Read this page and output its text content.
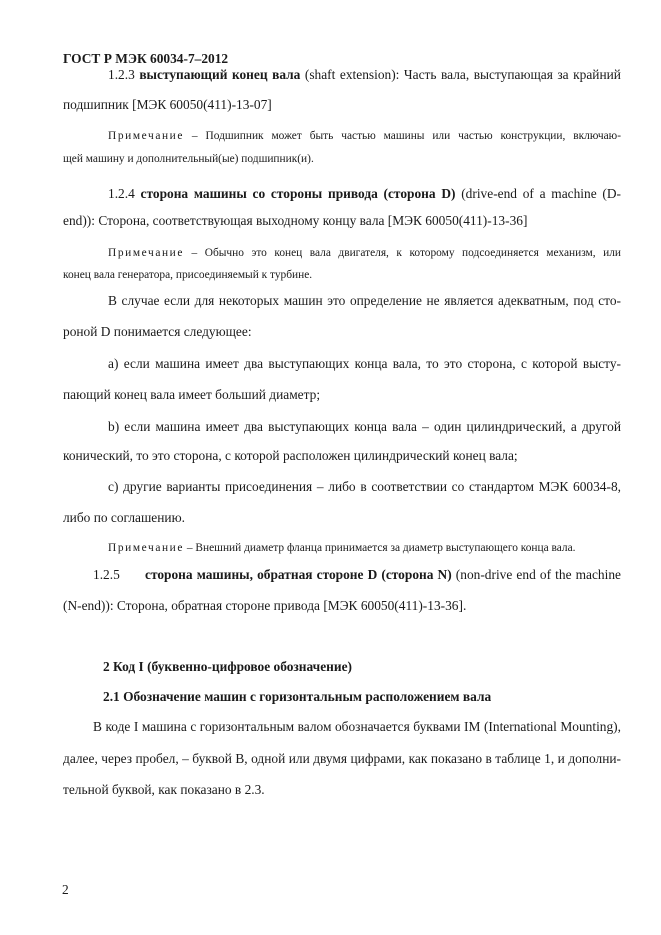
ГОСТ Р МЭК 60034-7–2012
1.2.3 выступающий конец вала (shaft extension): Часть вала, выступающая за крайний
подшипник [МЭК 60050(411)-13-07]
Примечание – Подшипник может быть частью машины или частью конструкции, включаю-
щей машину и дополнительный(ые) подшипник(и).
1.2.4 сторона машины со стороны привода (сторона D) (drive-end of a machine (D-
end)): Сторона, соответствующая выходному концу вала [МЭК 60050(411)-13-36]
Примечание – Обычно это конец вала двигателя, к которому подсоединяется механизм, или
конец вала генератора, присоединяемый к турбине.
В случае если для некоторых машин это определение не является адекватным, под сто-
роной D понимается следующее:
а) если машина имеет два выступающих конца вала, то это сторона, с которой высту-
пающий конец вала имеет больший диаметр;
b) если машина имеет два выступающих конца вала – один цилиндрический, а другой
конический, то это сторона, с которой расположен цилиндрический конец вала;
c) другие варианты присоединения – либо в соответствии со стандартом МЭК 60034-8,
либо по соглашению.
Примечание – Внешний диаметр фланца принимается за диаметр выступающего конца вала.
1.2.5 сторона машины, обратная стороне D (сторона N) (non-drive end of the machine
(N-end)): Сторона, обратная стороне привода [МЭК 60050(411)-13-36].
2 Код I (буквенно-цифровое обозначение)
2.1 Обозначение машин с горизонтальным расположением вала
В коде I машина с горизонтальным валом обозначается буквами IM (International Mounting),
далее, через пробел, – буквой B, одной или двумя цифрами, как показано в таблице 1, и дополни-
тельной буквой, как показано в 2.3.
2
